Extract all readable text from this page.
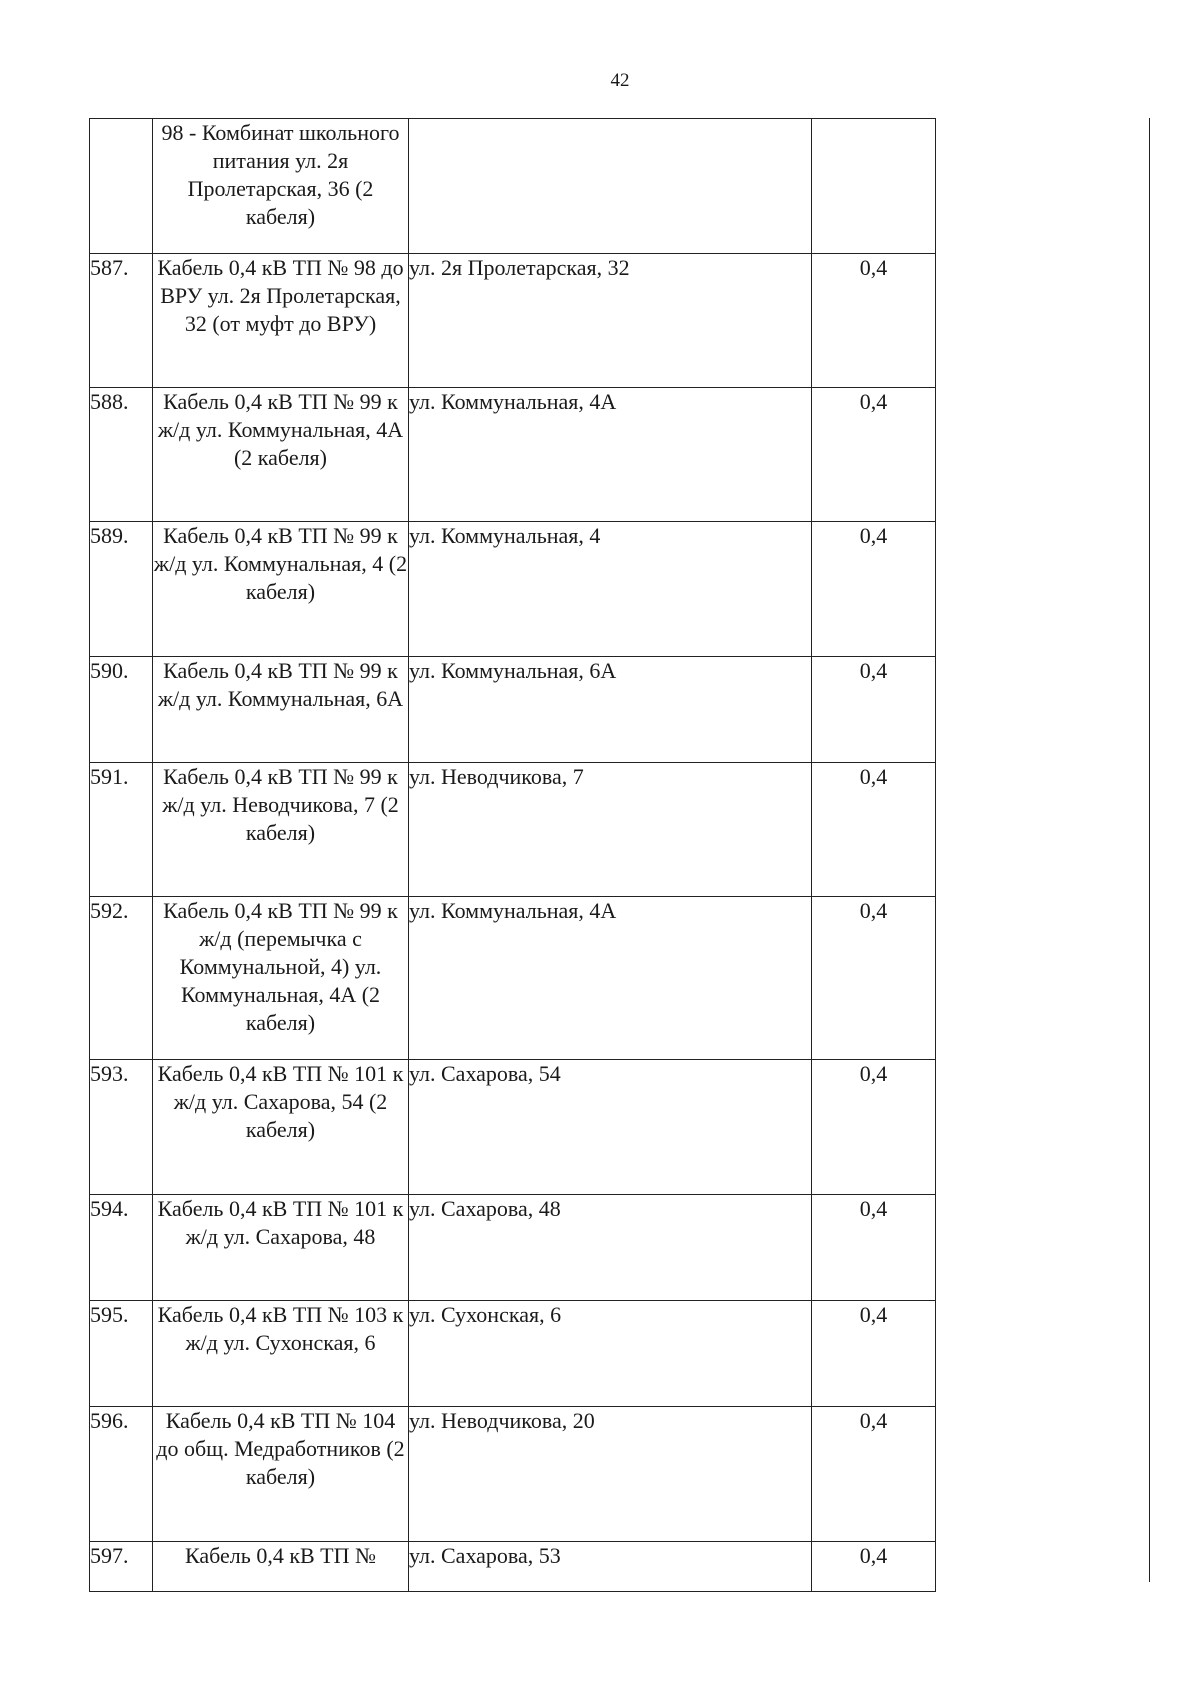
42
	98 - Комбинат школьного питания ул. 2я Пролетарская, 36 (2 кабеля)		
587.	Кабель 0,4 кВ ТП № 98 до ВРУ ул. 2я Пролетарская, 32 (от муфт до ВРУ)	ул. 2я Пролетарская, 32	0,4
588.	Кабель 0,4 кВ ТП № 99 к ж/д ул. Коммунальная, 4А (2 кабеля)	ул. Коммунальная, 4А	0,4
589.	Кабель 0,4 кВ ТП № 99 к ж/д ул. Коммунальная, 4 (2 кабеля)	ул. Коммунальная, 4	0,4
590.	Кабель 0,4 кВ ТП № 99 к ж/д ул. Коммунальная, 6А	ул. Коммунальная, 6А	0,4
591.	Кабель 0,4 кВ ТП № 99 к ж/д ул. Неводчикова, 7 (2 кабеля)	ул. Неводчикова, 7	0,4
592.	Кабель 0,4 кВ ТП № 99 к ж/д (перемычка с Коммунальной, 4) ул. Коммунальная, 4А (2 кабеля)	ул. Коммунальная, 4А	0,4
593.	Кабель 0,4 кВ ТП № 101 к ж/д ул. Сахарова, 54 (2 кабеля)	ул. Сахарова, 54	0,4
594.	Кабель 0,4 кВ ТП № 101 к ж/д ул. Сахарова, 48	ул. Сахарова, 48	0,4
595.	Кабель 0,4 кВ ТП № 103 к ж/д ул. Сухонская, 6	ул. Сухонская, 6	0,4
596.	Кабель 0,4 кВ ТП № 104 до общ. Медработников (2 кабеля)	ул. Неводчикова, 20	0,4
597.	Кабель 0,4 кВ ТП №	ул. Сахарова, 53	0,4
